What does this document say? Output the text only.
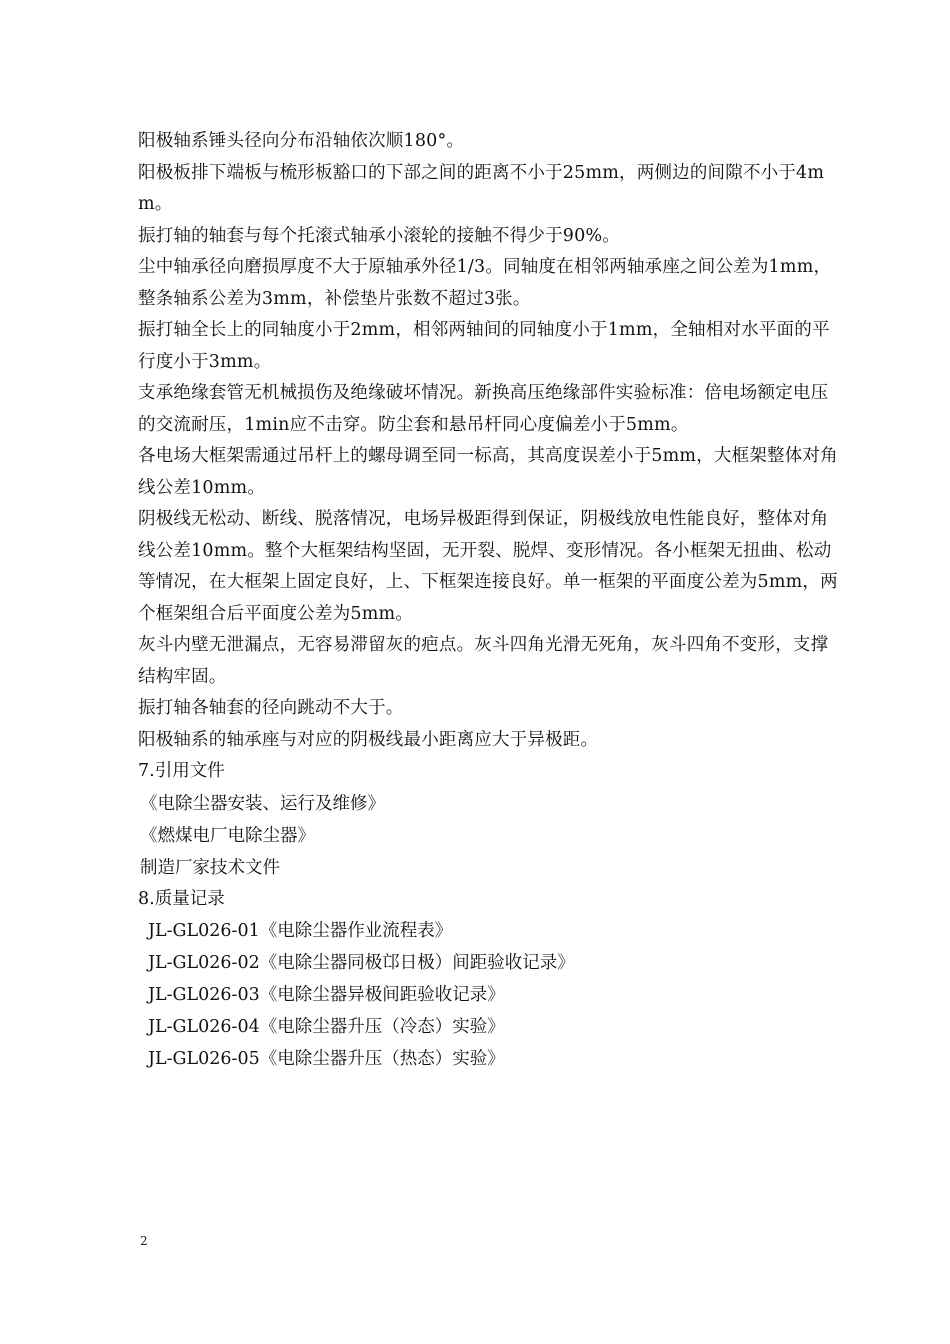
阳极轴系锤头径向分布沿轴依次顺180°。

阳极板排下端板与梳形板豁口的下部之间的距离不小于25mm，两侧边的间隙不小于4mm。

振打轴的轴套与每个托滚式轴承小滚轮的接触不得少于90%。

尘中轴承径向磨损厚度不大于原轴承外径1/3。同轴度在相邻两轴承座之间公差为1mm，整条轴系公差为3mm，补偿垫片张数不超过3张。

振打轴全长上的同轴度小于2mm，相邻两轴间的同轴度小于1mm，全轴相对水平面的平行度小于3mm。

支承绝缘套管无机械损伤及绝缘破坏情况。新换高压绝缘部件实验标准：倍电场额定电压的交流耐压，1min应不击穿。防尘套和悬吊杆同心度偏差小于5mm。

各电场大框架需通过吊杆上的螺母调至同一标高，其高度误差小于5mm，大框架整体对角线公差10mm。

阴极线无松动、断线、脱落情况，电场异极距得到保证，阴极线放电性能良好，整体对角线公差10mm。整个大框架结构坚固，无开裂、脱焊、变形情况。各小框架无扭曲、松动等情况，在大框架上固定良好，上、下框架连接良好。单一框架的平面度公差为5mm，两个框架组合后平面度公差为5mm。

灰斗内壁无泄漏点，无容易滞留灰的疤点。灰斗四角光滑无死角，灰斗四角不变形，支撑结构牢固。

振打轴各轴套的径向跳动不大于。

阳极轴系的轴承座与对应的阴极线最小距离应大于异极距。

7.引用文件

《电除尘器安装、运行及维修》

《燃煤电厂电除尘器》

制造厂家技术文件

8.质量记录

JL-GL026-01《电除尘器作业流程表》

JL-GL026-02《电除尘器同极邙日极）间距验收记录》

JL-GL026-03《电除尘器异极间距验收记录》

JL-GL026-04《电除尘器升压（冷态）实验》

JL-GL026-05《电除尘器升压（热态）实验》

2
